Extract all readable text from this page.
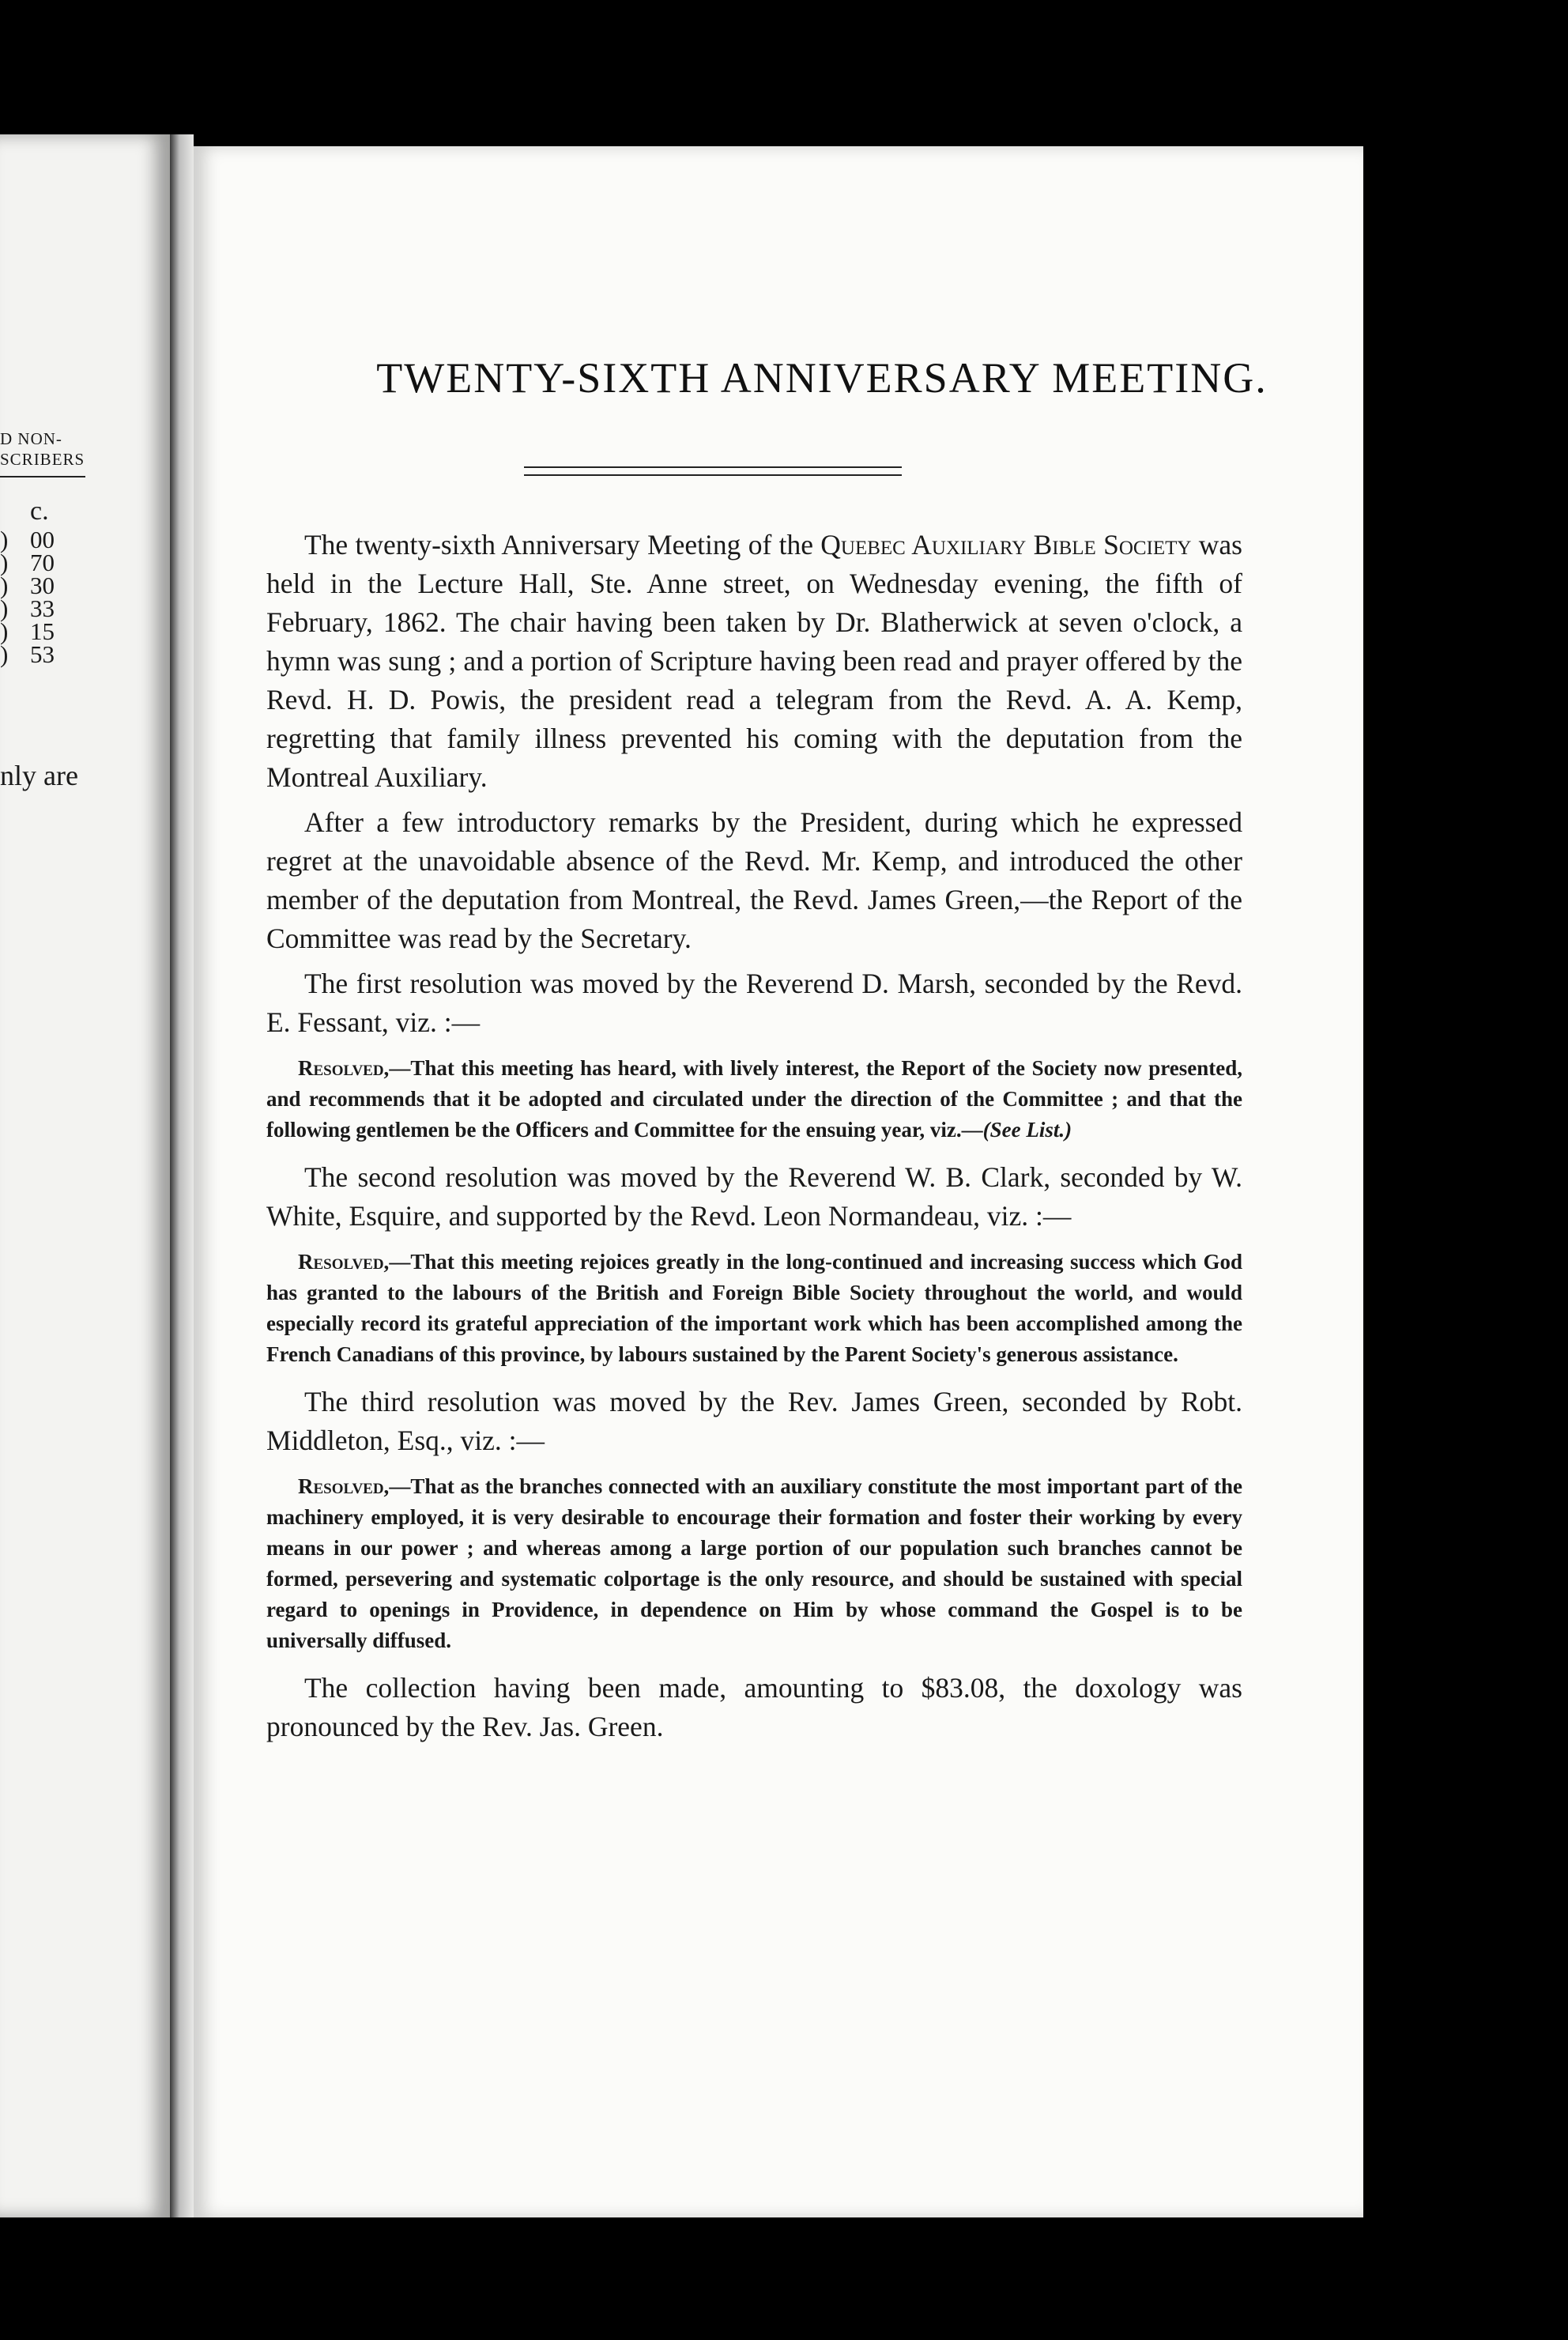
D NON-
SCRIBERS
c.
)
)
)
)
)
)
00
70
30
33
15
53
nly are
TWENTY-SIXTH ANNIVERSARY MEETING.

The twenty-sixth Anniversary Meeting of the Quebec Auxiliary Bible Society was held in the Lecture Hall, Ste. Anne street, on Wednesday evening, the fifth of February, 1862. The chair having been taken by Dr. Blatherwick at seven o'clock, a hymn was sung ; and a portion of Scripture having been read and prayer offered by the Revd. H. D. Powis, the president read a telegram from the Revd. A. A. Kemp, regretting that family illness prevented his coming with the deputation from the Montreal Auxiliary.

After a few introductory remarks by the President, during which he expressed regret at the unavoidable absence of the Revd. Mr. Kemp, and introduced the other member of the deputation from Montreal, the Revd. James Green,—the Report of the Committee was read by the Secretary.

The first resolution was moved by the Reverend D. Marsh, seconded by the Revd. E. Fessant, viz. :—

Resolved,—That this meeting has heard, with lively interest, the Report of the Society now presented, and recommends that it be adopted and circulated under the direction of the Committee ; and that the following gentlemen be the Officers and Committee for the ensuing year, viz.—(See List.)

The second resolution was moved by the Reverend W. B. Clark, seconded by W. White, Esquire, and supported by the Revd. Leon Normandeau, viz. :—

Resolved,—That this meeting rejoices greatly in the long-continued and increasing success which God has granted to the labours of the British and Foreign Bible Society throughout the world, and would especially record its grateful appreciation of the important work which has been accomplished among the French Canadians of this province, by labours sustained by the Parent Society's generous assistance.

The third resolution was moved by the Rev. James Green, seconded by Robt. Middleton, Esq., viz. :—

Resolved,—That as the branches connected with an auxiliary constitute the most important part of the machinery employed, it is very desirable to encourage their formation and foster their working by every means in our power ; and whereas among a large portion of our population such branches cannot be formed, persevering and systematic colportage is the only resource, and should be sustained with special regard to openings in Providence, in dependence on Him by whose command the Gospel is to be universally diffused.

The collection having been made, amounting to $83.08, the doxology was pronounced by the Rev. Jas. Green.
